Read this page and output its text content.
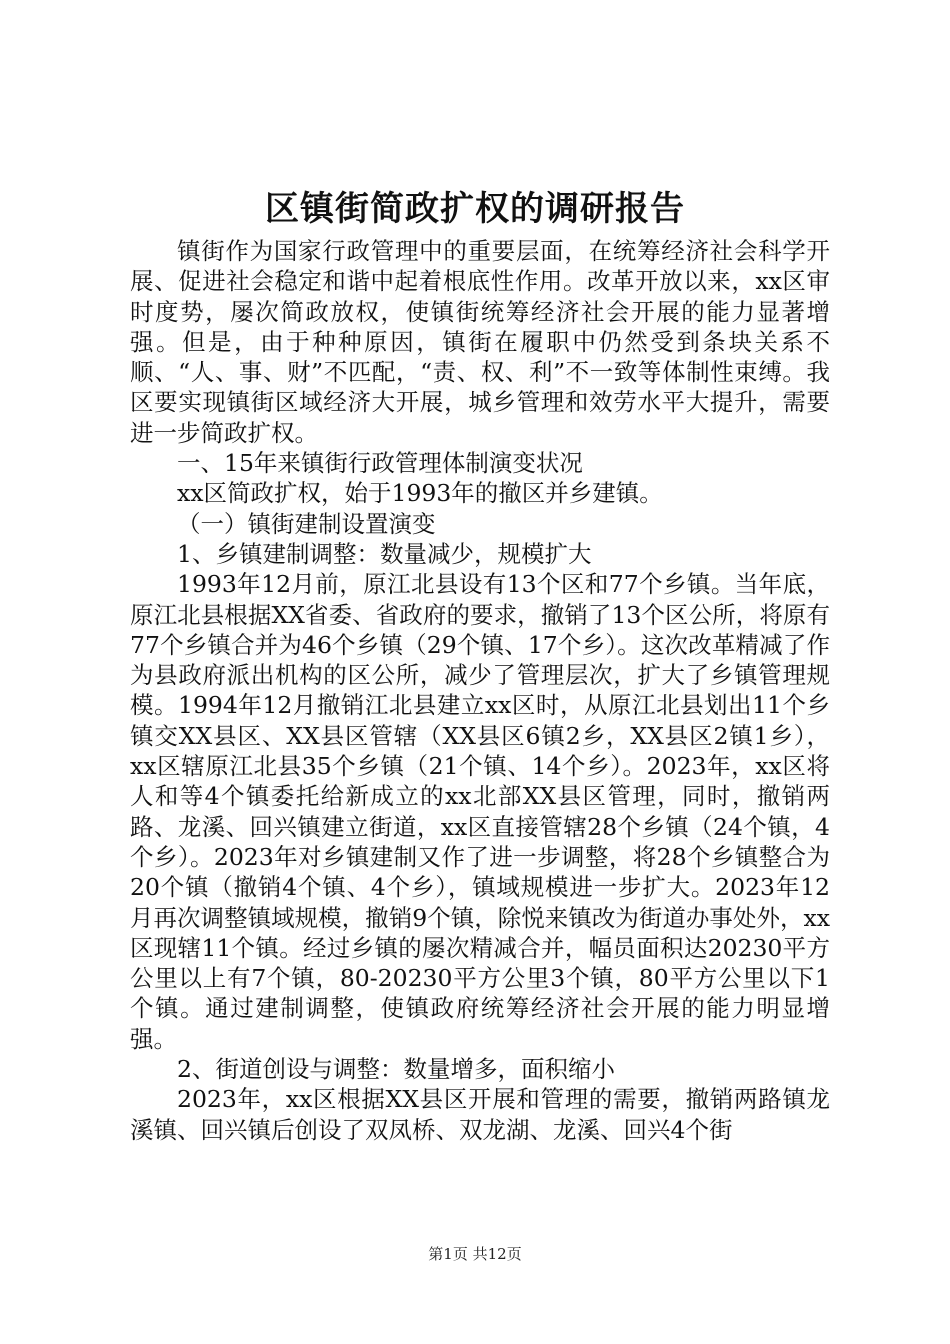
区镇街简政扩权的调研报告

镇街作为国家行政管理中的重要层面，在统筹经济社会科学开展、促进社会稳定和谐中起着根底性作用。改革开放以来，xx区审时度势，屡次简政放权，使镇街统筹经济社会开展的能力显著增强。但是，由于种种原因，镇街在履职中仍然受到条块关系不顺、“人、事、财”不匹配，“责、权、利”不一致等体制性束缚。我区要实现镇街区域经济大开展，城乡管理和效劳水平大提升，需要进一步简政扩权。

一、15年来镇街行政管理体制演变状况

xx区简政扩权，始于1993年的撤区并乡建镇。

（一）镇街建制设置演变

1、乡镇建制调整：数量减少，规模扩大

1993年12月前，原江北县设有13个区和77个乡镇。当年底，原江北县根据XX省委、省政府的要求，撤销了13个区公所，将原有77个乡镇合并为46个乡镇（29个镇、17个乡）。这次改革精减了作为县政府派出机构的区公所，减少了管理层次，扩大了乡镇管理规模。1994年12月撤销江北县建立xx区时，从原江北县划出11个乡镇交XX县区、XX县区管辖（XX县区6镇2乡，XX县区2镇1乡），xx区辖原江北县35个乡镇（21个镇、14个乡）。2023年，xx区将人和等4个镇委托给新成立的xx北部XX县区管理，同时，撤销两路、龙溪、回兴镇建立街道，xx区直接管辖28个乡镇（24个镇，4个乡）。2023年对乡镇建制又作了进一步调整，将28个乡镇整合为20个镇（撤销4个镇、4个乡），镇域规模进一步扩大。2023年12月再次调整镇域规模，撤销9个镇，除悦来镇改为街道办事处外，xx区现辖11个镇。经过乡镇的屡次精减合并，幅员面积达20230平方公里以上有7个镇，80-20230平方公里3个镇，80平方公里以下1个镇。通过建制调整，使镇政府统筹经济社会开展的能力明显增强。

2、街道创设与调整：数量增多，面积缩小

2023年，xx区根据XX县区开展和管理的需要，撤销两路镇龙溪镇、回兴镇后创设了双凤桥、双龙湖、龙溪、回兴4个街

第1页 共12页
